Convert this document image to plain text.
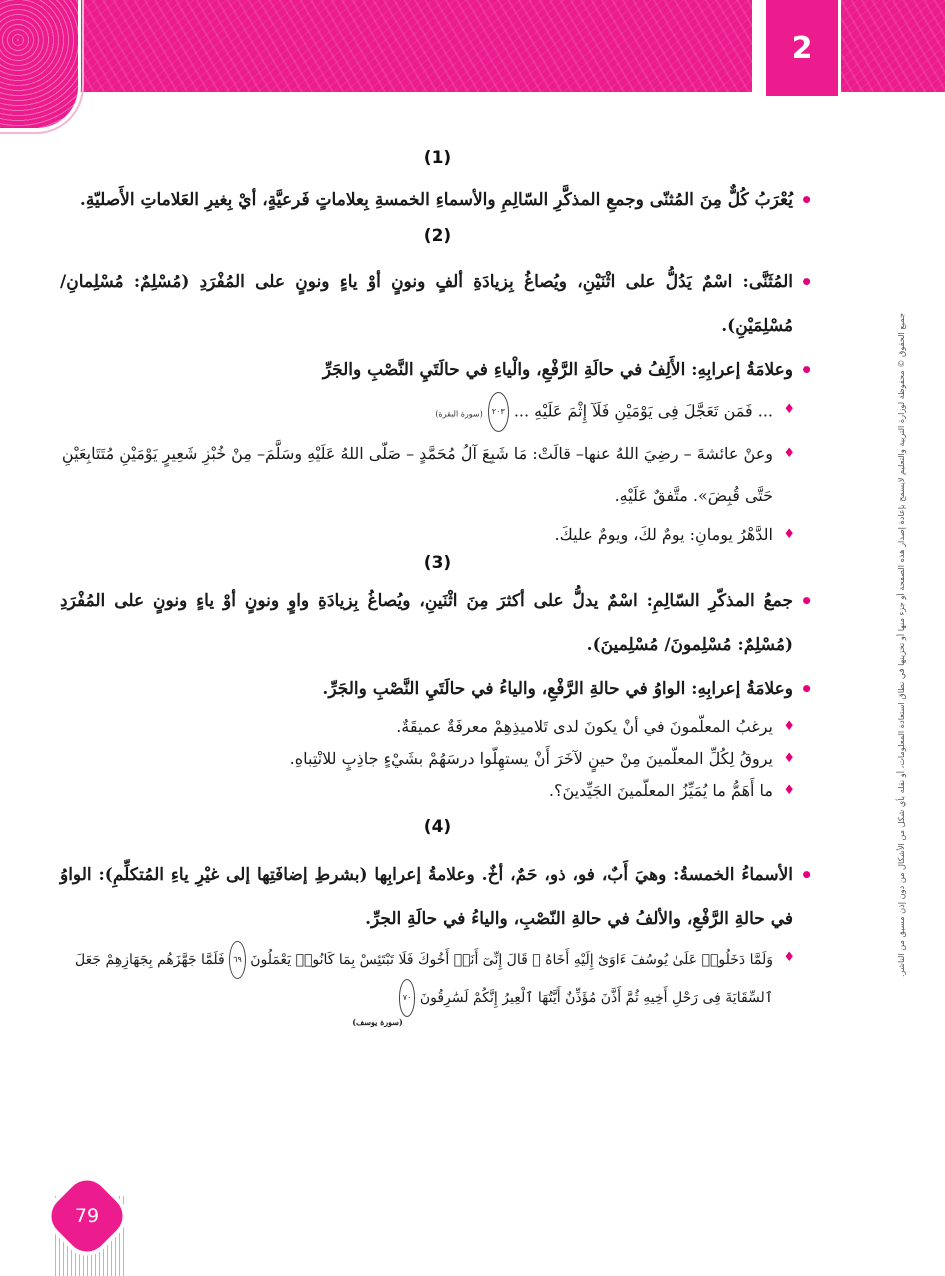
2
جميع الحقوق © محفوظة لوزارة التربية والتعليم لايسمح بإعادة إصدار هذه الصفحة أو جزء منها أو تخزينها في نطاق استعادة المعلومات، أو نقله بأي شكل من الأشكال من دون إذن مسبق من الناشر.
(1)
• يُعْرَبُ كُلٌّ مِنَ المُثنّى وجمعِ المذكَّرِ السّالِمِ والأسماءِ الخمسةِ بِعلاماتٍ فَرعيَّةٍ، أيْ بِغيرِ العَلاماتِ الأَصليّةِ.
(2)
• المُثَنَّى: اسْمٌ يَدُلُّ على اثْنَيْنِ، ويُصاغُ بِزيادَةِ ألفٍ ونونٍ أوْ ياءٍ ونونٍ على المُفْرَدِ (مُسْلِمٌ: مُسْلِمانِ/ مُسْلِمَيْنِ).
• وعلامَةُ إعرابِهِ: الأَلِفُ في حالَةِ الرَّفْعِ، والْياءِ في حالَتَيِ النَّصْبِ والجَرِّ
♦ ... فَمَن تَعَجَّلَ فِى يَوْمَيْنِ فَلَآ إِثْمَ عَلَيْهِ ... ٢٠٣ (سورة البقرة)
♦ وعنْ عائشةَ – رضِيَ اللهُ عنها– قالَتْ: مَا شَبِعَ آلُ مُحَمَّدٍ – صَلّى اللهُ عَلَيْهِ وسَلَّمَ– مِنْ خُبْزِ شَعِيرٍ يَوْمَيْنِ مُتَتَابِعَيْنِ حَتَّى قُبِضَ». متَّفقٌ عَلَيْهِ.
♦ الدَّهْرُ يومانِ: يومٌ لكَ، ويومٌ عليكَ.
(3)
• جمعُ المذكّرِ السّالِمِ: اسْمٌ يدلُّ على أكثرَ مِنَ اثْنَينِ، ويُصاغُ بِزيادَةِ واوٍ ونونٍ أوْ ياءٍ ونونٍ على المُفْرَدِ (مُسْلِمٌ: مُسْلِمونَ/ مُسْلِمينَ).
• وعلامَةُ إعرابِهِ: الواوُ في حالةِ الرَّفْعِ، والياءُ في حالَتَيِ النَّصْبِ والجَرِّ.
♦ يرغبُ المعلّمونَ في أنْ يكونَ لدى تَلاميذِهِمْ معرفَةٌ عميقَةٌ.
♦ يروقُ لِكُلِّ المعلّمينَ مِنْ حينٍ لآخَرَ أَنْ يستهِلّوا درسَهُمْ بشَيْءٍ جاذِبٍ للانْتِباهِ.
♦ ما أَهَمُّ ما يُمَيِّزُ المعلّمينَ الجَيِّدينَ؟.
(4)
• الأسماءُ الخمسةُ: وهيَ أَبٌ، فو، ذو، حَمٌ، أخٌ. وعلامةُ إعرابِها (بشرطِ إضافَتِها إلى غيْرِ ياءِ المُتكلِّمِ): الواوُ في حالةِ الرَّفْعِ، والألفُ في حالةِ النّصْبِ، والياءُ في حالَةِ الجرِّ.
♦ وَلَمَّا دَخَلُوا۟ عَلَىٰ يُوسُفَ ءَاوَىٰٓ إِلَيْهِ أَخَاهُ ۖ قَالَ إِنِّىٓ أَنَا۠ أَخُوكَ فَلَا تَبْتَئِسْ بِمَا كَانُوا۟ يَعْمَلُونَ ٦٩ فَلَمَّا جَهَّزَهُم بِجَهَازِهِمْ جَعَلَ ٱلسِّقَايَةَ فِى رَحْلِ أَخِيهِ ثُمَّ أَذَّنَ مُؤَذِّنٌ أَيَّتُهَا ٱلْعِيرُ إِنَّكُمْ لَسَٰرِقُونَ ٧٠
(سورة يوسف)
79
